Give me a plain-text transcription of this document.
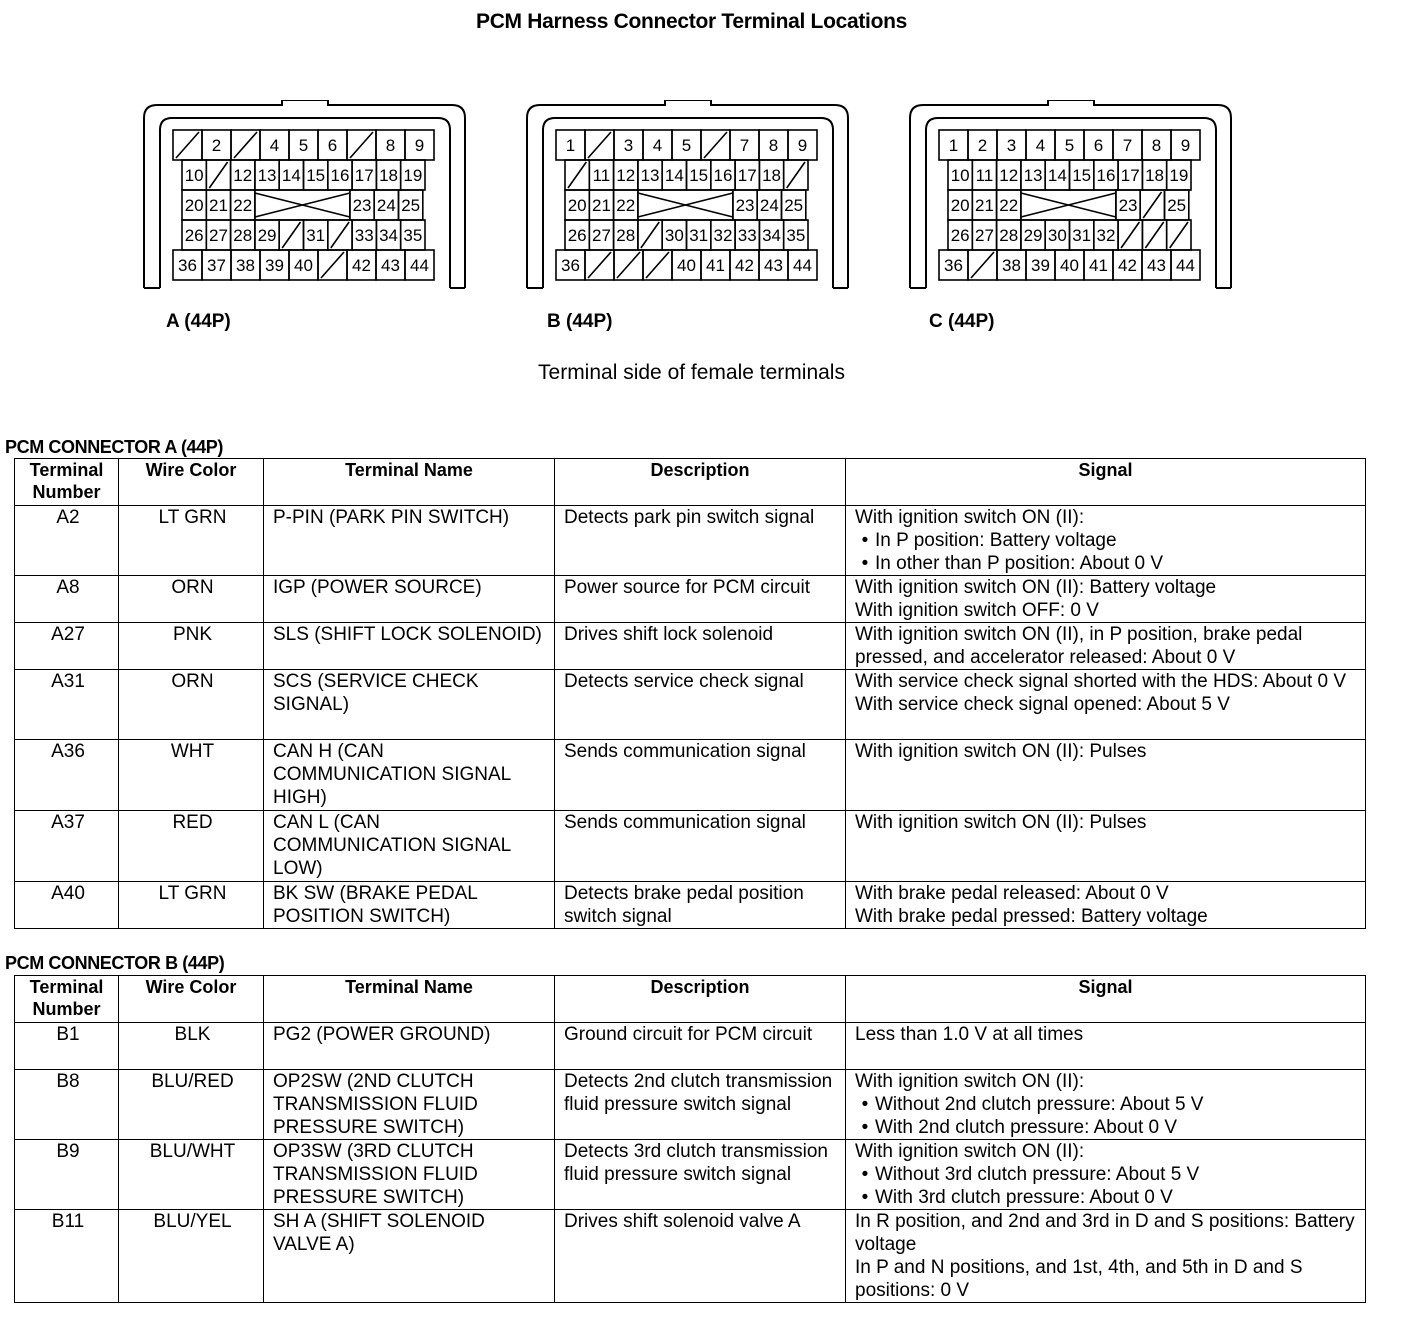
PCM Harness Connector Terminal Locations
2	4 5 6	8 9
10 12 13 14 15 16 17 18 19
20 21 22	23 24 25
26 27 28 29 31 33 34 35
36 37 38 39 40 42 43 44
1	3 4 5	7 8 9
11 12 13 14 15 16 17 18
20 21 22	23 24 25
26 27 28 30 31 32 33 34 35
36	40 41 42 43 44
1 2 3 4 5 6 7 8 9
10 11 12 13 14 15 16 17 18 19
20 21 22	23 25
26 27 28 29 30 31 32
36 38 39 40 41 42 43 44
A (44P)	B (44P)	C (44P)
Terminal side of female terminals
PCM CONNECTOR A (44P)
Terminal Number	Wire Color	Terminal Name	Description	Signal
A2	LT GRN	P-PIN (PARK PIN SWITCH)	Detects park pin switch signal	With ignition switch ON (II):
• In P position: Battery voltage
• In other than P position: About 0 V

A8	ORN	IGP (POWER SOURCE)	Power source for PCM circuit	With ignition switch ON (II): Battery voltage
With ignition switch OFF: 0 V

A27	PNK	SLS (SHIFT LOCK SOLENOID)	Drives shift lock solenoid	With ignition switch ON (II), in P position, brake pedal pressed, and accelerator released: About 0 V

A31	ORN	SCS (SERVICE CHECK SIGNAL)	Detects service check signal	With service check signal shorted with the HDS: About 0 V
With service check signal opened: About 5 V

A36	WHT	CAN H (CAN COMMUNICATION SIGNAL HIGH)	Sends communication signal	With ignition switch ON (II): Pulses

A37	RED	CAN L (CAN COMMUNICATION SIGNAL LOW)	Sends communication signal	With ignition switch ON (II): Pulses

A40	LT GRN	BK SW (BRAKE PEDAL POSITION SWITCH)	Detects brake pedal position switch signal	With brake pedal released: About 0 V
With brake pedal pressed: Battery voltage
PCM CONNECTOR B (44P)
Terminal Number	Wire Color	Terminal Name	Description	Signal
B1	BLK	PG2 (POWER GROUND)	Ground circuit for PCM circuit	Less than 1.0 V at all times

B8	BLU/RED	OP2SW (2ND CLUTCH TRANSMISSION FLUID PRESSURE SWITCH)	Detects 2nd clutch transmission fluid pressure switch signal	With ignition switch ON (II):
• Without 2nd clutch pressure: About 5 V
• With 2nd clutch pressure: About 0 V

B9	BLU/WHT	OP3SW (3RD CLUTCH TRANSMISSION FLUID PRESSURE SWITCH)	Detects 3rd clutch transmission fluid pressure switch signal	With ignition switch ON (II):
• Without 3rd clutch pressure: About 5 V
• With 3rd clutch pressure: About 0 V

B11	BLU/YEL	SH A (SHIFT SOLENOID VALVE A)	Drives shift solenoid valve A	In R position, and 2nd and 3rd in D and S positions: Battery voltage
In P and N positions, and 1st, 4th, and 5th in D and S positions: 0 V
